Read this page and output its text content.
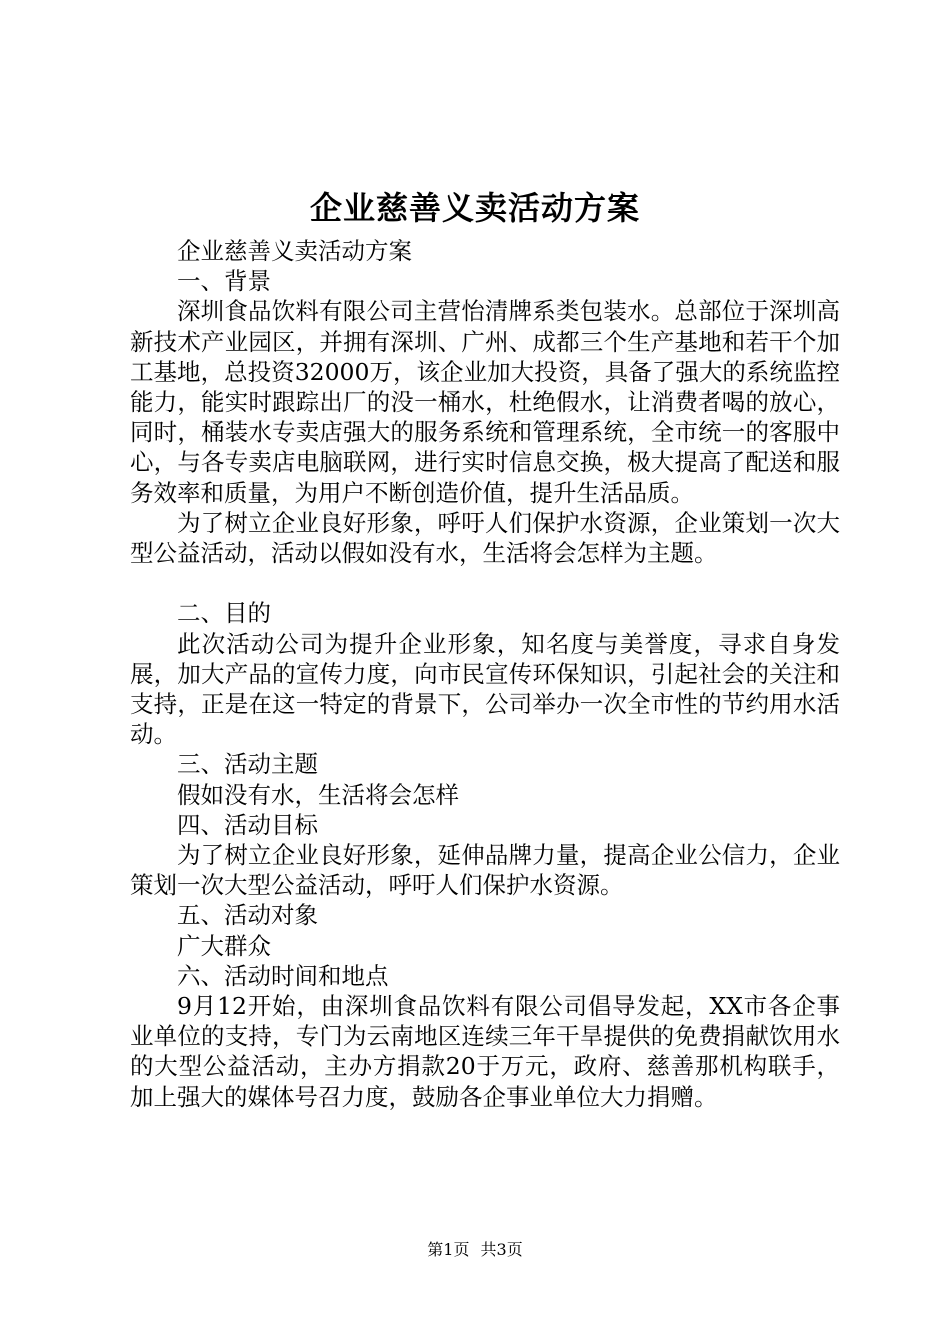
企业慈善义卖活动方案

企业慈善义卖活动方案

一、背景

深圳食品饮料有限公司主营怡清牌系类包装水。总部位于深圳高新技术产业园区，并拥有深圳、广州、成都三个生产基地和若干个加工基地，总投资32000万，该企业加大投资，具备了强大的系统监控能力，能实时跟踪出厂的没一桶水，杜绝假水，让消费者喝的放心，同时，桶装水专卖店强大的服务系统和管理系统，全市统一的客服中心，与各专卖店电脑联网，进行实时信息交换，极大提高了配送和服务效率和质量，为用户不断创造价值，提升生活品质。

为了树立企业良好形象，呼吁人们保护水资源，企业策划一次大型公益活动，活动以假如没有水，生活将会怎样为主题。

二、目的

此次活动公司为提升企业形象，知名度与美誉度，寻求自身发展，加大产品的宣传力度，向市民宣传环保知识，引起社会的关注和支持，正是在这一特定的背景下，公司举办一次全市性的节约用水活动。

三、活动主题

假如没有水，生活将会怎样

四、活动目标

为了树立企业良好形象，延伸品牌力量，提高企业公信力，企业策划一次大型公益活动，呼吁人们保护水资源。

五、活动对象

广大群众

六、活动时间和地点

9月12开始，由深圳食品饮料有限公司倡导发起，XX市各企事业单位的支持，专门为云南地区连续三年干旱提供的免费捐献饮用水的大型公益活动，主办方捐款20于万元，政府、慈善那机构联手，加上强大的媒体号召力度，鼓励各企事业单位大力捐赠。

第1页 共3页
